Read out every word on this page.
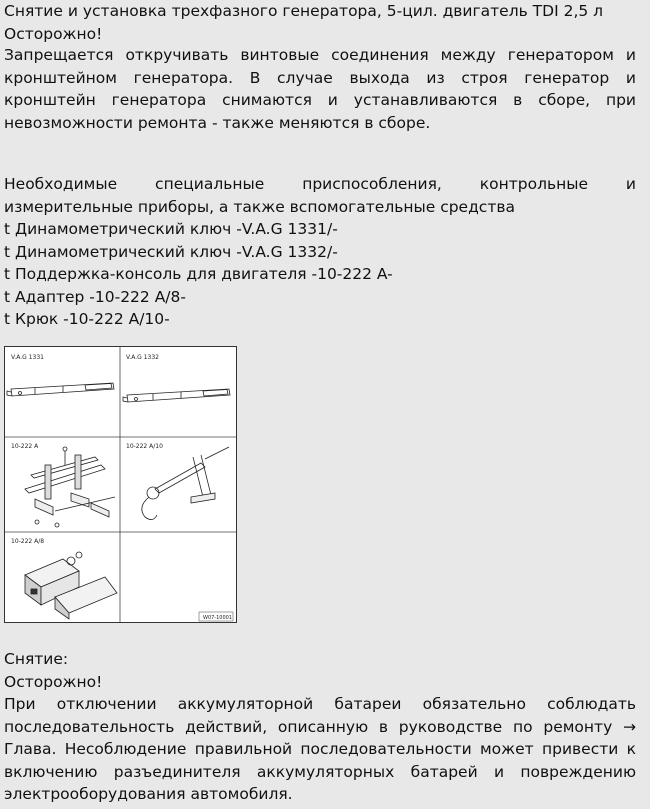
Снятие и установка трехфазного генератора, 5-цил. двигатель TDI 2,5 л

Осторожно!

Запрещается откручивать винтовые соединения между генератором и кронштейном генератора. В случае выхода из строя генератор и кронштейн генератора снимаются и устанавливаются в сборе, при невозможности ремонта - также меняются в сборе.

Необходимые специальные приспособления, контрольные и

измерительные приборы, а также вспомогательные средства

t Динамометрический ключ -V.A.G 1331/-

t Динамометрический ключ -V.A.G 1332/-

t Поддержка-консоль для двигателя -10-222 A-

t Адаптер -10-222 A/8-

t Крюк -10-222 A/10-

V.A.G 1331	V.A.G 1332
10-222 A	10-222 A/10
10-222 A/8
W07-10001

Снятие:

Осторожно!

При отключении аккумуляторной батареи обязательно соблюдать последовательность действий, описанную в руководстве по ремонту → Глава. Несоблюдение правильной последовательности может привести к включению разъединителя аккумуляторных батарей и повреждению электрооборудования автомобиля.
